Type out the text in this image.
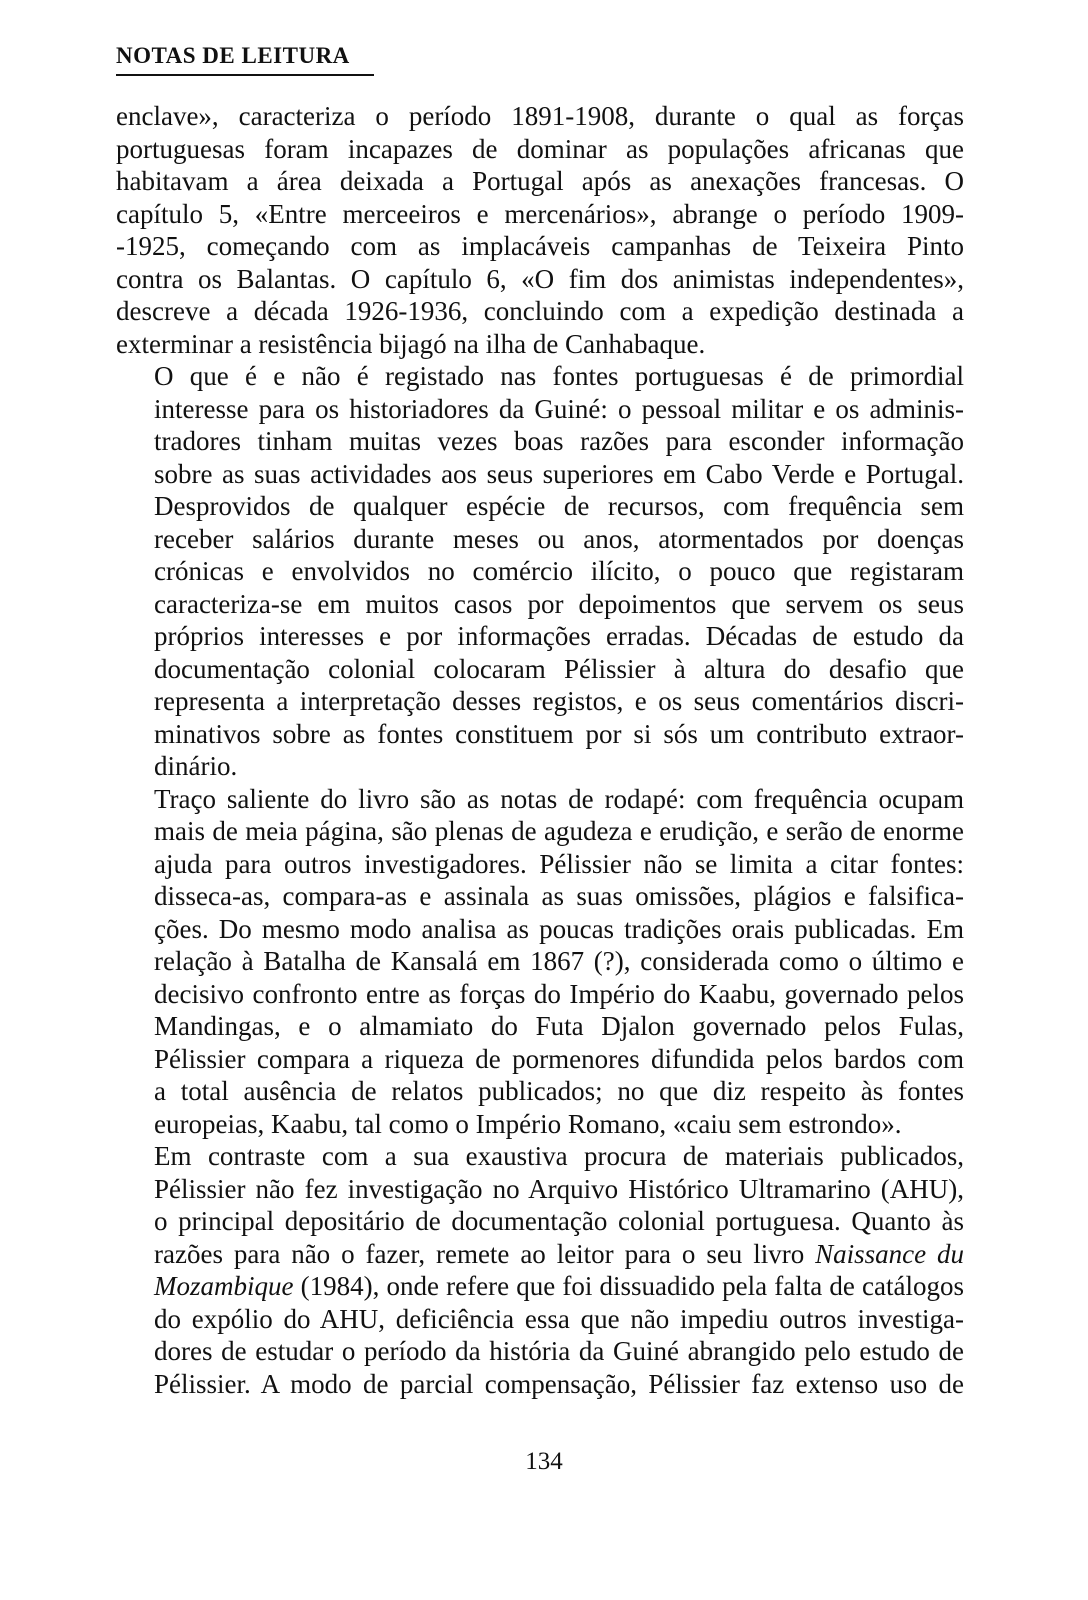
NOTAS DE LEITURA

enclave», caracteriza o período 1891-1908, durante o qual as forças
portuguesas foram incapazes de dominar as populações africanas que
habitavam a área deixada a Portugal após as anexações francesas. O
capítulo 5, «Entre merceeiros e mercenários», abrange o período 1909-
-1925, começando com as implacáveis campanhas de Teixeira Pinto
contra os Balantas. O capítulo 6, «O fim dos animistas independentes»,
descreve a década 1926-1936, concluindo com a expedição destinada a
exterminar a resistência bijagó na ilha de Canhabaque.

O que é e não é registado nas fontes portuguesas é de primordial
interesse para os historiadores da Guiné: o pessoal militar e os adminis-
tradores tinham muitas vezes boas razões para esconder informação
sobre as suas actividades aos seus superiores em Cabo Verde e Portugal.
Desprovidos de qualquer espécie de recursos, com frequência sem
receber salários durante meses ou anos, atormentados por doenças
crónicas e envolvidos no comércio ilícito, o pouco que registaram
caracteriza-se em muitos casos por depoimentos que servem os seus
próprios interesses e por informações erradas. Décadas de estudo da
documentação colonial colocaram Pélissier à altura do desafio que
representa a interpretação desses registos, e os seus comentários discri-
minativos sobre as fontes constituem por si sós um contributo extraor-
dinário.

Traço saliente do livro são as notas de rodapé: com frequência ocupam
mais de meia página, são plenas de agudeza e erudição, e serão de enorme
ajuda para outros investigadores. Pélissier não se limita a citar fontes:
disseca-as, compara-as e assinala as suas omissões, plágios e falsifica-
ções. Do mesmo modo analisa as poucas tradições orais publicadas. Em
relação à Batalha de Kansalá em 1867 (?), considerada como o último e
decisivo confronto entre as forças do Império do Kaabu, governado pelos
Mandingas, e o almamiato do Futa Djalon governado pelos Fulas,
Pélissier compara a riqueza de pormenores difundida pelos bardos com
a total ausência de relatos publicados; no que diz respeito às fontes
europeias, Kaabu, tal como o Império Romano, «caiu sem estrondo».

Em contraste com a sua exaustiva procura de materiais publicados,
Pélissier não fez investigação no Arquivo Histórico Ultramarino (AHU),
o principal depositário de documentação colonial portuguesa. Quanto às
razões para não o fazer, remete ao leitor para o seu livro Naissance du
Mozambique (1984), onde refere que foi dissuadido pela falta de catálogos
do expólio do AHU, deficiência essa que não impediu outros investiga-
dores de estudar o período da história da Guiné abrangido pelo estudo de
Pélissier. A modo de parcial compensação, Pélissier faz extenso uso de

134
